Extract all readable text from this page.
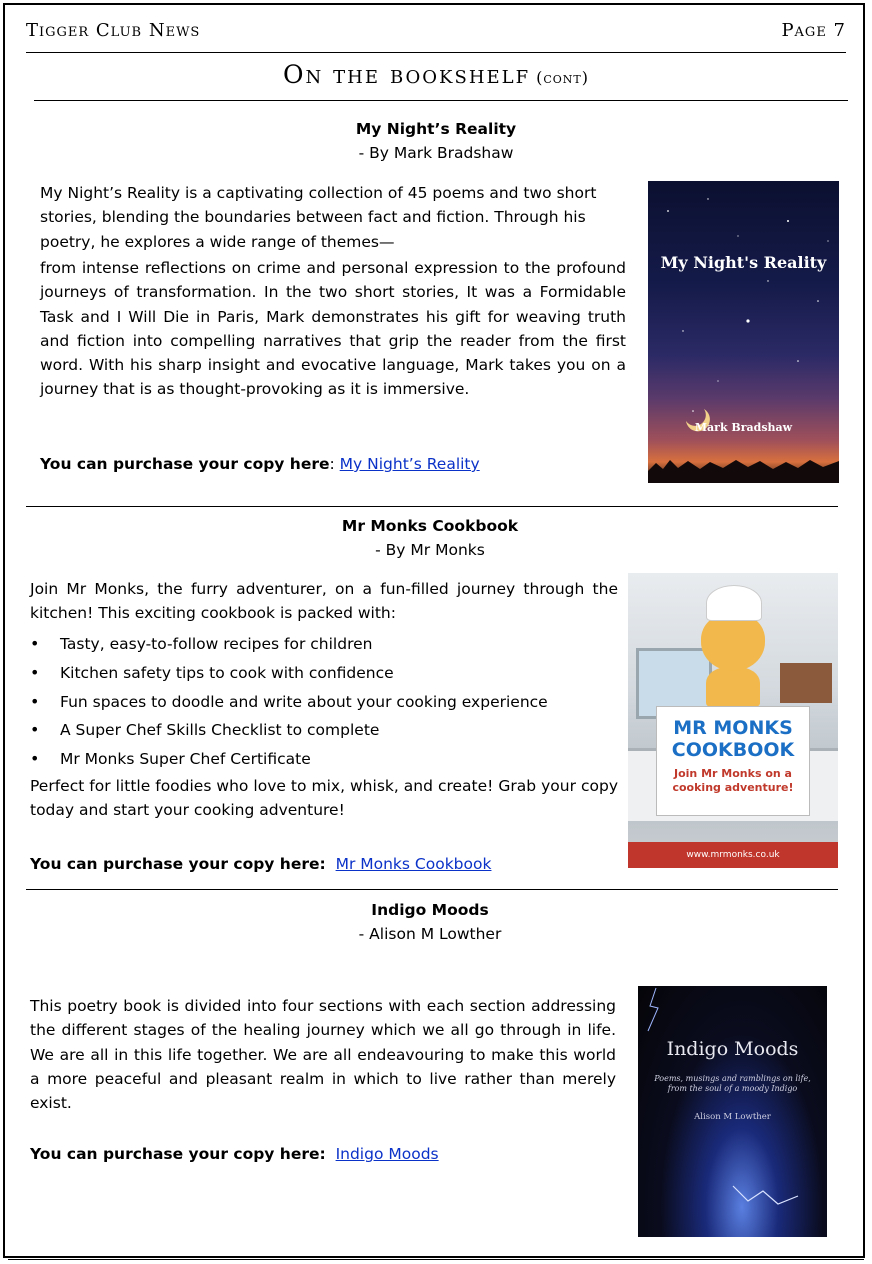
Tigger Club News	Page 7
On the bookshelf (cont)
My Night’s Reality
- By Mark Bradshaw

My Night’s Reality is a captivating collection of 45 poems and two short stories, blending the boundaries between fact and fiction. Through his poetry, he explores a wide range of themes—

from intense reflections on crime and personal expression to the profound journeys of transformation. In the two short stories, It was a Formidable Task and I Will Die in Paris, Mark demonstrates his gift for weaving truth and fiction into compelling narratives that grip the reader from the first word. With his sharp insight and evocative language, Mark takes you on a journey that is as thought-provoking as it is immersive.

You can purchase your copy here: My Night’s Reality
My Night's Reality
Mark Bradshaw
Mr Monks Cookbook
- By Mr Monks

Join Mr Monks, the furry adventurer, on a fun-filled journey through the kitchen! This exciting cookbook is packed with:

• Tasty, easy-to-follow recipes for children
• Kitchen safety tips to cook with confidence
• Fun spaces to doodle and write about your cooking experience
• A Super Chef Skills Checklist to complete
• Mr Monks Super Chef Certificate

Perfect for little foodies who love to mix, whisk, and create! Grab your copy today and start your cooking adventure!

You can purchase your copy here: Mr Monks Cookbook
MR MONKS
COOKBOOK
Join Mr Monks on a cooking adventure!
www.mrmonks.co.uk
Indigo Moods
- Alison M Lowther

This poetry book is divided into four sections with each section addressing the different stages of the healing journey which we all go through in life. We are all in this life together. We are all endeavouring to make this world a more peaceful and pleasant realm in which to live rather than merely exist.

You can purchase your copy here: Indigo Moods
Indigo Moods
Poems, musings and ramblings on life, from the soul of a moody Indigo
Alison M Lowther
